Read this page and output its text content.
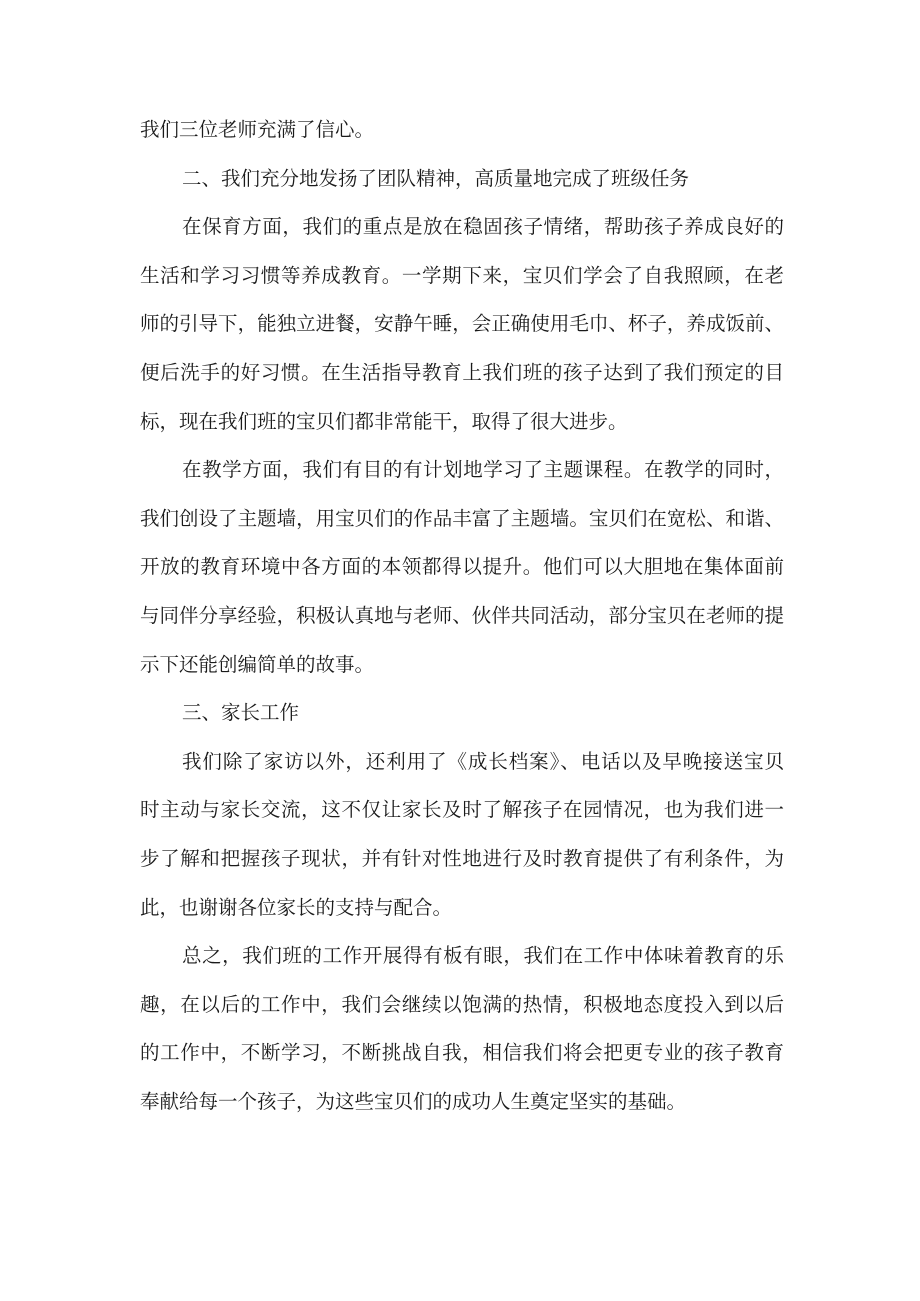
我们三位老师充满了信心。
二、我们充分地发扬了团队精神，高质量地完成了班级任务
在保育方面，我们的重点是放在稳固孩子情绪，帮助孩子养成良好的
生活和学习习惯等养成教育。一学期下来，宝贝们学会了自我照顾，在老
师的引导下，能独立进餐，安静午睡，会正确使用毛巾、杯子，养成饭前、
便后洗手的好习惯。在生活指导教育上我们班的孩子达到了我们预定的目
标，现在我们班的宝贝们都非常能干，取得了很大进步。
在教学方面，我们有目的有计划地学习了主题课程。在教学的同时，
我们创设了主题墙，用宝贝们的作品丰富了主题墙。宝贝们在宽松、和谐、
开放的教育环境中各方面的本领都得以提升。他们可以大胆地在集体面前
与同伴分享经验，积极认真地与老师、伙伴共同活动，部分宝贝在老师的提
示下还能创编简单的故事。
三、家长工作
我们除了家访以外，还利用了《成长档案》、电话以及早晚接送宝贝
时主动与家长交流，这不仅让家长及时了解孩子在园情况，也为我们进一
步了解和把握孩子现状，并有针对性地进行及时教育提供了有利条件，为
此，也谢谢各位家长的支持与配合。
总之，我们班的工作开展得有板有眼，我们在工作中体味着教育的乐
趣，在以后的工作中，我们会继续以饱满的热情，积极地态度投入到以后
的工作中，不断学习，不断挑战自我，相信我们将会把更专业的孩子教育
奉献给每一个孩子，为这些宝贝们的成功人生奠定坚实的基础。
